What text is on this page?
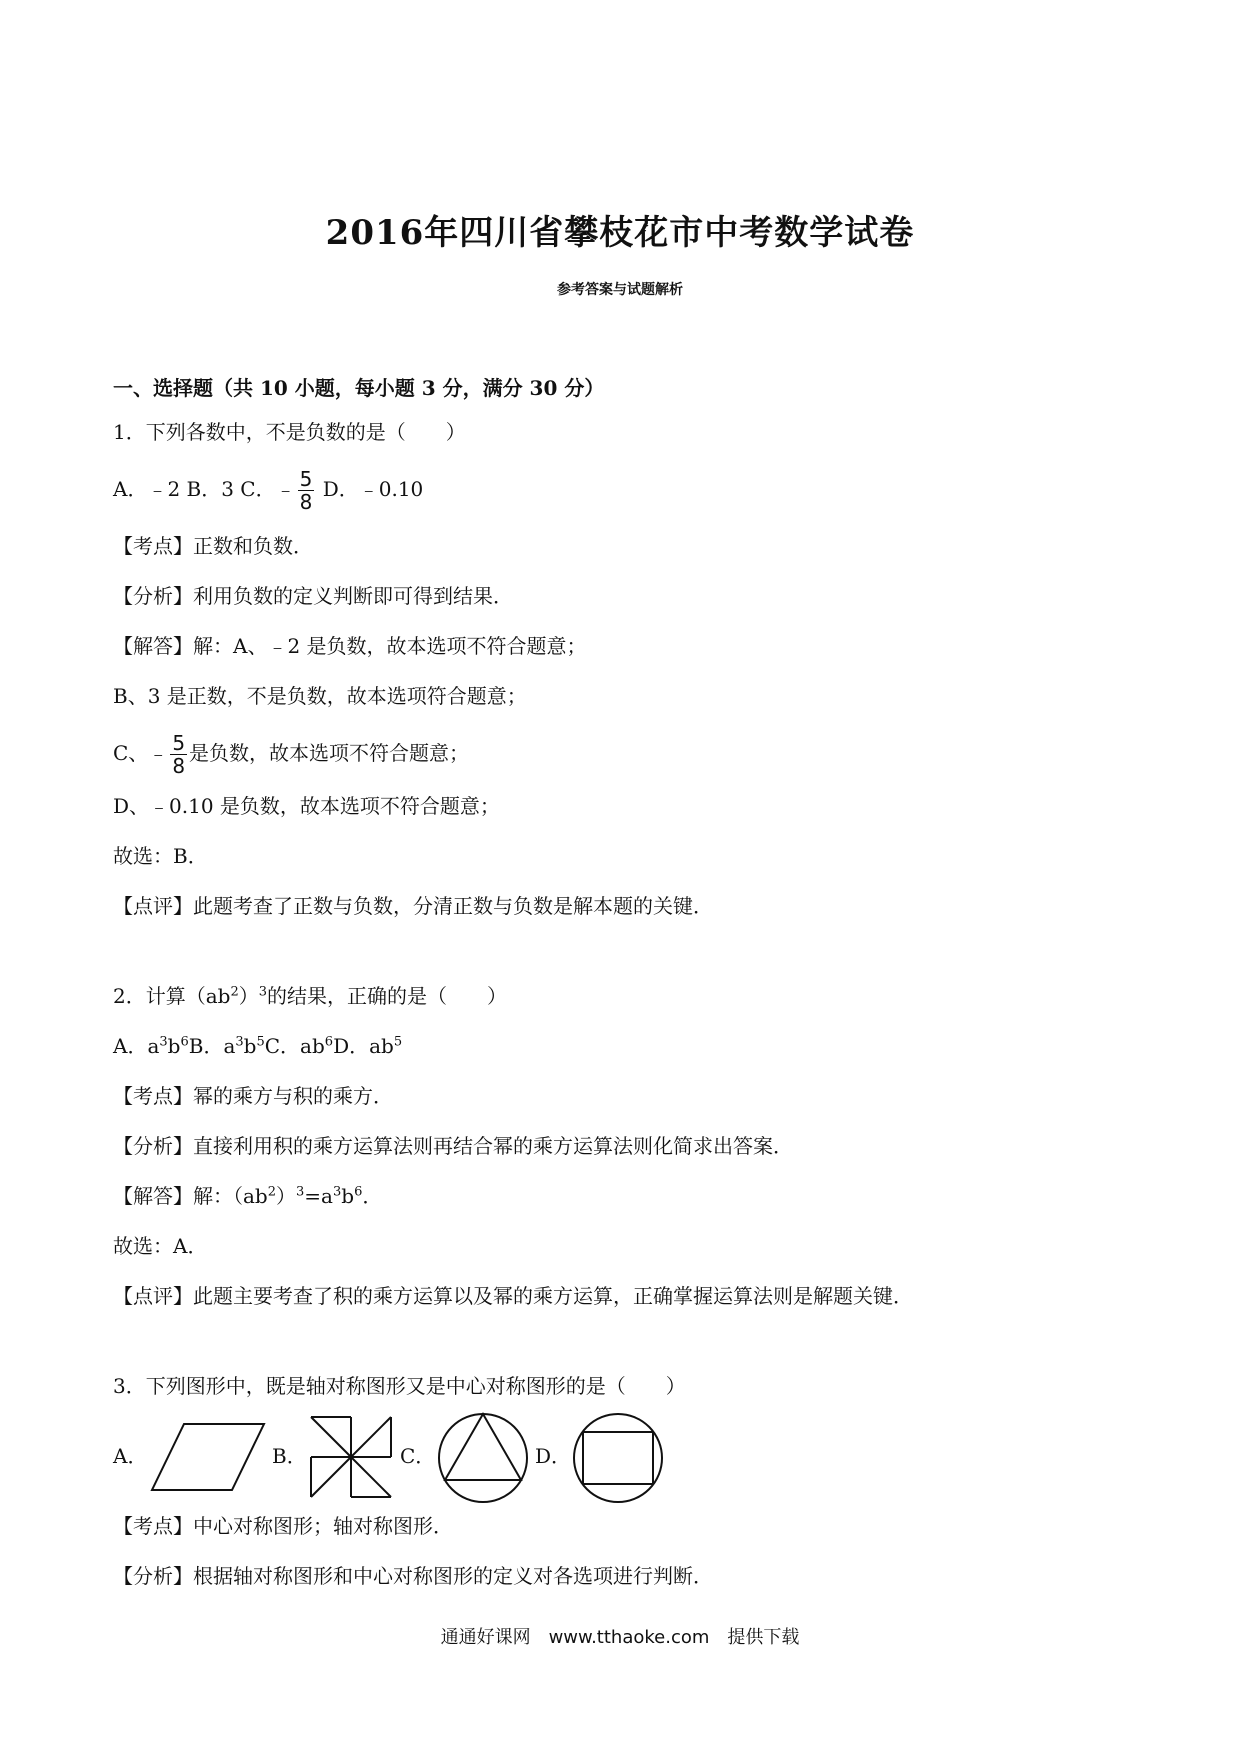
2016年四川省攀枝花市中考数学试卷
参考答案与试题解析
一、选择题（共 10 小题，每小题 3 分，满分 30 分）
1．下列各数中，不是负数的是（　　）
A．﹣2 B．3 C．﹣ $\frac{5}{8}$ D．﹣0.10
【考点】正数和负数．
【分析】利用负数的定义判断即可得到结果．
【解答】解：A、﹣2 是负数，故本选项不符合题意；
B、3 是正数，不是负数，故本选项符合题意；
C、﹣ $\frac{5}{8}$ 是负数，故本选项不符合题意；
D、﹣0.10 是负数，故本选项不符合题意；
故选：B．
【点评】此题考查了正数与负数，分清正数与负数是解本题的关键．
2．计算$(ab^2)^3$的结果，正确的是（　　）
A．$a^3b^6B$．$a^3b^5C$．$ab^6D$．$ab^5$
【考点】幂的乘方与积的乘方．
【分析】直接利用积的乘方运算法则再结合幂的乘方运算法则化简求出答案．
【解答】解：$(ab^2)^3=a^3b^6$．
故选：A．
【点评】此题主要考查了积的乘方运算以及幂的乘方运算，正确掌握运算法则是解题关键．
3．下列图形中，既是轴对称图形又是中心对称图形的是（　　）
A．	B．	C．	D．
【考点】中心对称图形；轴对称图形．
【分析】根据轴对称图形和中心对称图形的定义对各选项进行判断．
通通好课网　www.tthaoke.com　提供下载
